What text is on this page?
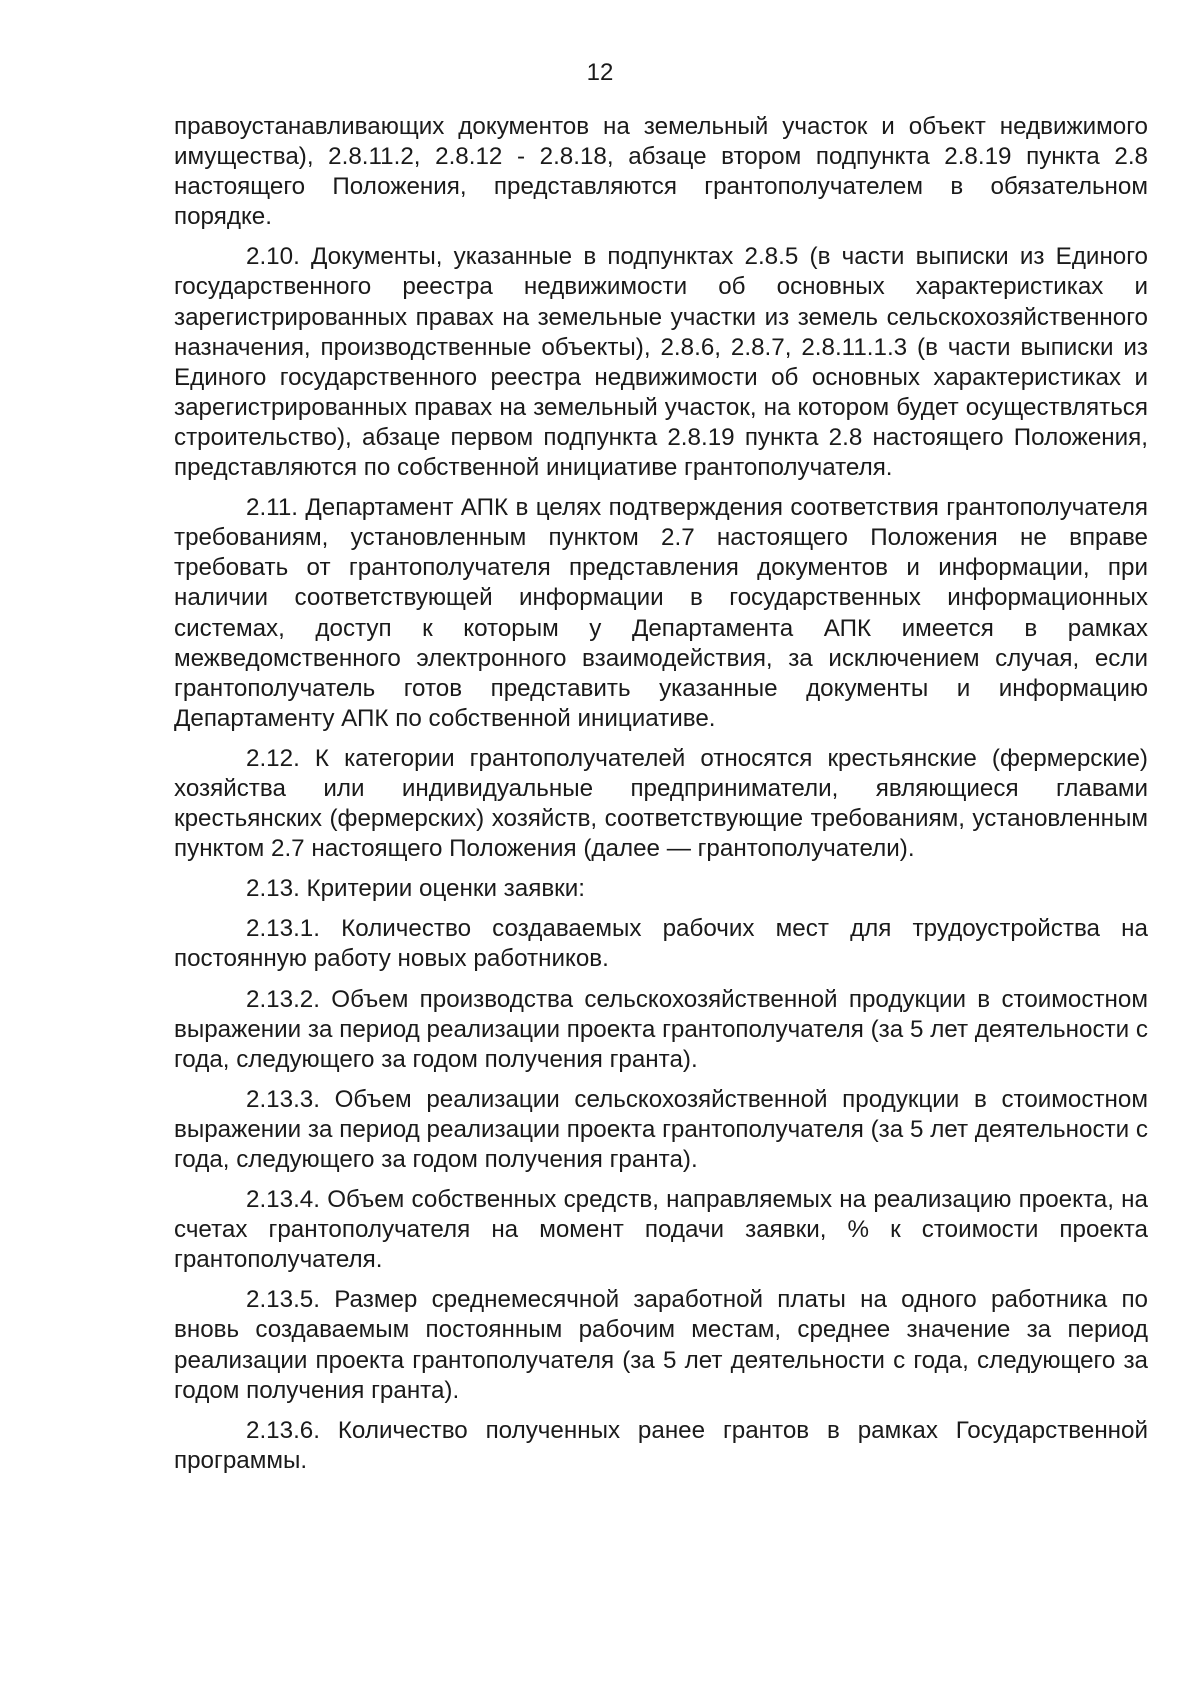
12

правоустанавливающих документов на земельный участок и объект недвижимого имущества), 2.8.11.2, 2.8.12 - 2.8.18, абзаце втором подпункта 2.8.19 пункта 2.8 настоящего Положения, представляются грантополучателем в обязательном порядке.

2.10. Документы, указанные в подпунктах 2.8.5 (в части выписки из Единого государственного реестра недвижимости об основных характеристиках и зарегистрированных правах на земельные участки из земель сельскохозяйственного назначения, производственные объекты), 2.8.6, 2.8.7, 2.8.11.1.3 (в части выписки из Единого государственного реестра недвижимости об основных характеристиках и зарегистрированных правах на земельный участок, на котором будет осуществляться строительство), абзаце первом подпункта 2.8.19 пункта 2.8 настоящего Положения, представляются по собственной инициативе грантополучателя.

2.11. Департамент АПК в целях подтверждения соответствия грантополучателя требованиям, установленным пунктом 2.7 настоящего Положения не вправе требовать от грантополучателя представления документов и информации, при наличии соответствующей информации в государственных информационных системах, доступ к которым у Департамента АПК имеется в рамках межведомственного электронного взаимодействия, за исключением случая, если грантополучатель готов представить указанные документы и информацию Департаменту АПК по собственной инициативе.

2.12. К категории грантополучателей относятся крестьянские (фермерские) хозяйства или индивидуальные предприниматели, являющиеся главами крестьянских (фермерских) хозяйств, соответствующие требованиям, установленным пунктом 2.7 настоящего Положения (далее — грантополучатели).

2.13. Критерии оценки заявки:

2.13.1. Количество создаваемых рабочих мест для трудоустройства на постоянную работу новых работников.

2.13.2. Объем производства сельскохозяйственной продукции в стоимостном выражении за период реализации проекта грантополучателя (за 5 лет деятельности с года, следующего за годом получения гранта).

2.13.3. Объем реализации сельскохозяйственной продукции в стоимостном выражении за период реализации проекта грантополучателя (за 5 лет деятельности с года, следующего за годом получения гранта).

2.13.4. Объем собственных средств, направляемых на реализацию проекта, на счетах грантополучателя на момент подачи заявки, % к стоимости проекта грантополучателя.

2.13.5. Размер среднемесячной заработной платы на одного работника по вновь создаваемым постоянным рабочим местам, среднее значение за период реализации проекта грантополучателя (за 5 лет деятельности с года, следующего за годом получения гранта).

2.13.6. Количество полученных ранее грантов в рамках Государственной программы.
